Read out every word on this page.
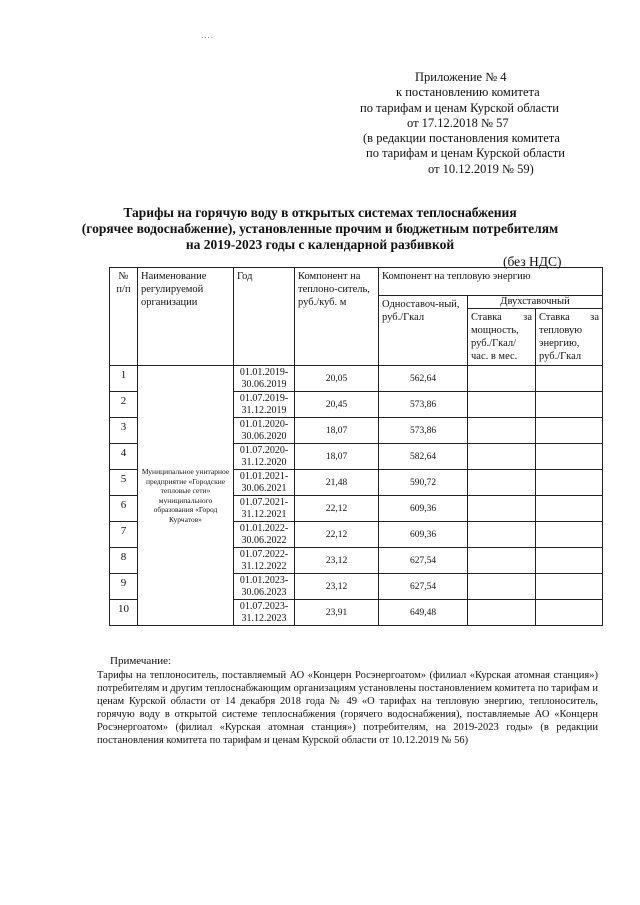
....
Приложение № 4
к постановлению комитета
по тарифам и ценам Курской области
от 17.12.2018 № 57
(в редакции постановления комитета
по тарифам и ценам Курской области
от 10.12.2019 № 59)
Тарифы на горячую воду в открытых системах теплоснабжения
(горячее водоснабжение), установленные прочим и бюджетным потребителям
на 2019-2023 годы с календарной разбивкой
(без НДС)
№ п/п	Наименование регулируемой организации	Год	Компонент на теплоно-ситель, руб./куб. м	Компонент на тепловую энергию		
				Одноставоч-ный, руб./Гкал	Двухставочный	
					Ставка за мощность, руб./Гкал/час. в мес.	Ставка за тепловую энергию, руб./Гкал
1	Муниципальное унитарное предприятие «Городские тепловые сети» муниципального образования «Город Курчатов»	01.01.2019-30.06.2019	20,05	562,64		
2		01.07.2019-31.12.2019	20,45	573,86		
3		01.01.2020-30.06.2020	18,07	573,86		
4		01.07.2020-31.12.2020	18,07	582,64		
5		01.01.2021-30.06.2021	21,48	590,72		
6		01.07.2021-31.12.2021	22,12	609,36		
7		01.01.2022-30.06.2022	22,12	609,36		
8		01.07.2022-31.12.2022	23,12	627,54		
9		01.01.2023-30.06.2023	23,12	627,54		
10		01.07.2023-31.12.2023	23,91	649,48		
Примечание:
Тарифы на теплоноситель, поставляемый АО «Концерн Росэнергоатом» (филиал «Курская атомная станция») потребителям и другим теплоснабжающим организациям установлены постановлением комитета по тарифам и ценам Курской области от 14 декабря 2018 года № 49 «О тарифах на тепловую энергию, теплоноситель, горячую воду в открытой системе теплоснабжения (горячего водоснабжения), поставляемые АО «Концерн Росэнергоатом» (филиал «Курская атомная станция») потребителям, на 2019-2023 годы» (в редакции постановления комитета по тарифам и ценам Курской области от 10.12.2019 № 56)
